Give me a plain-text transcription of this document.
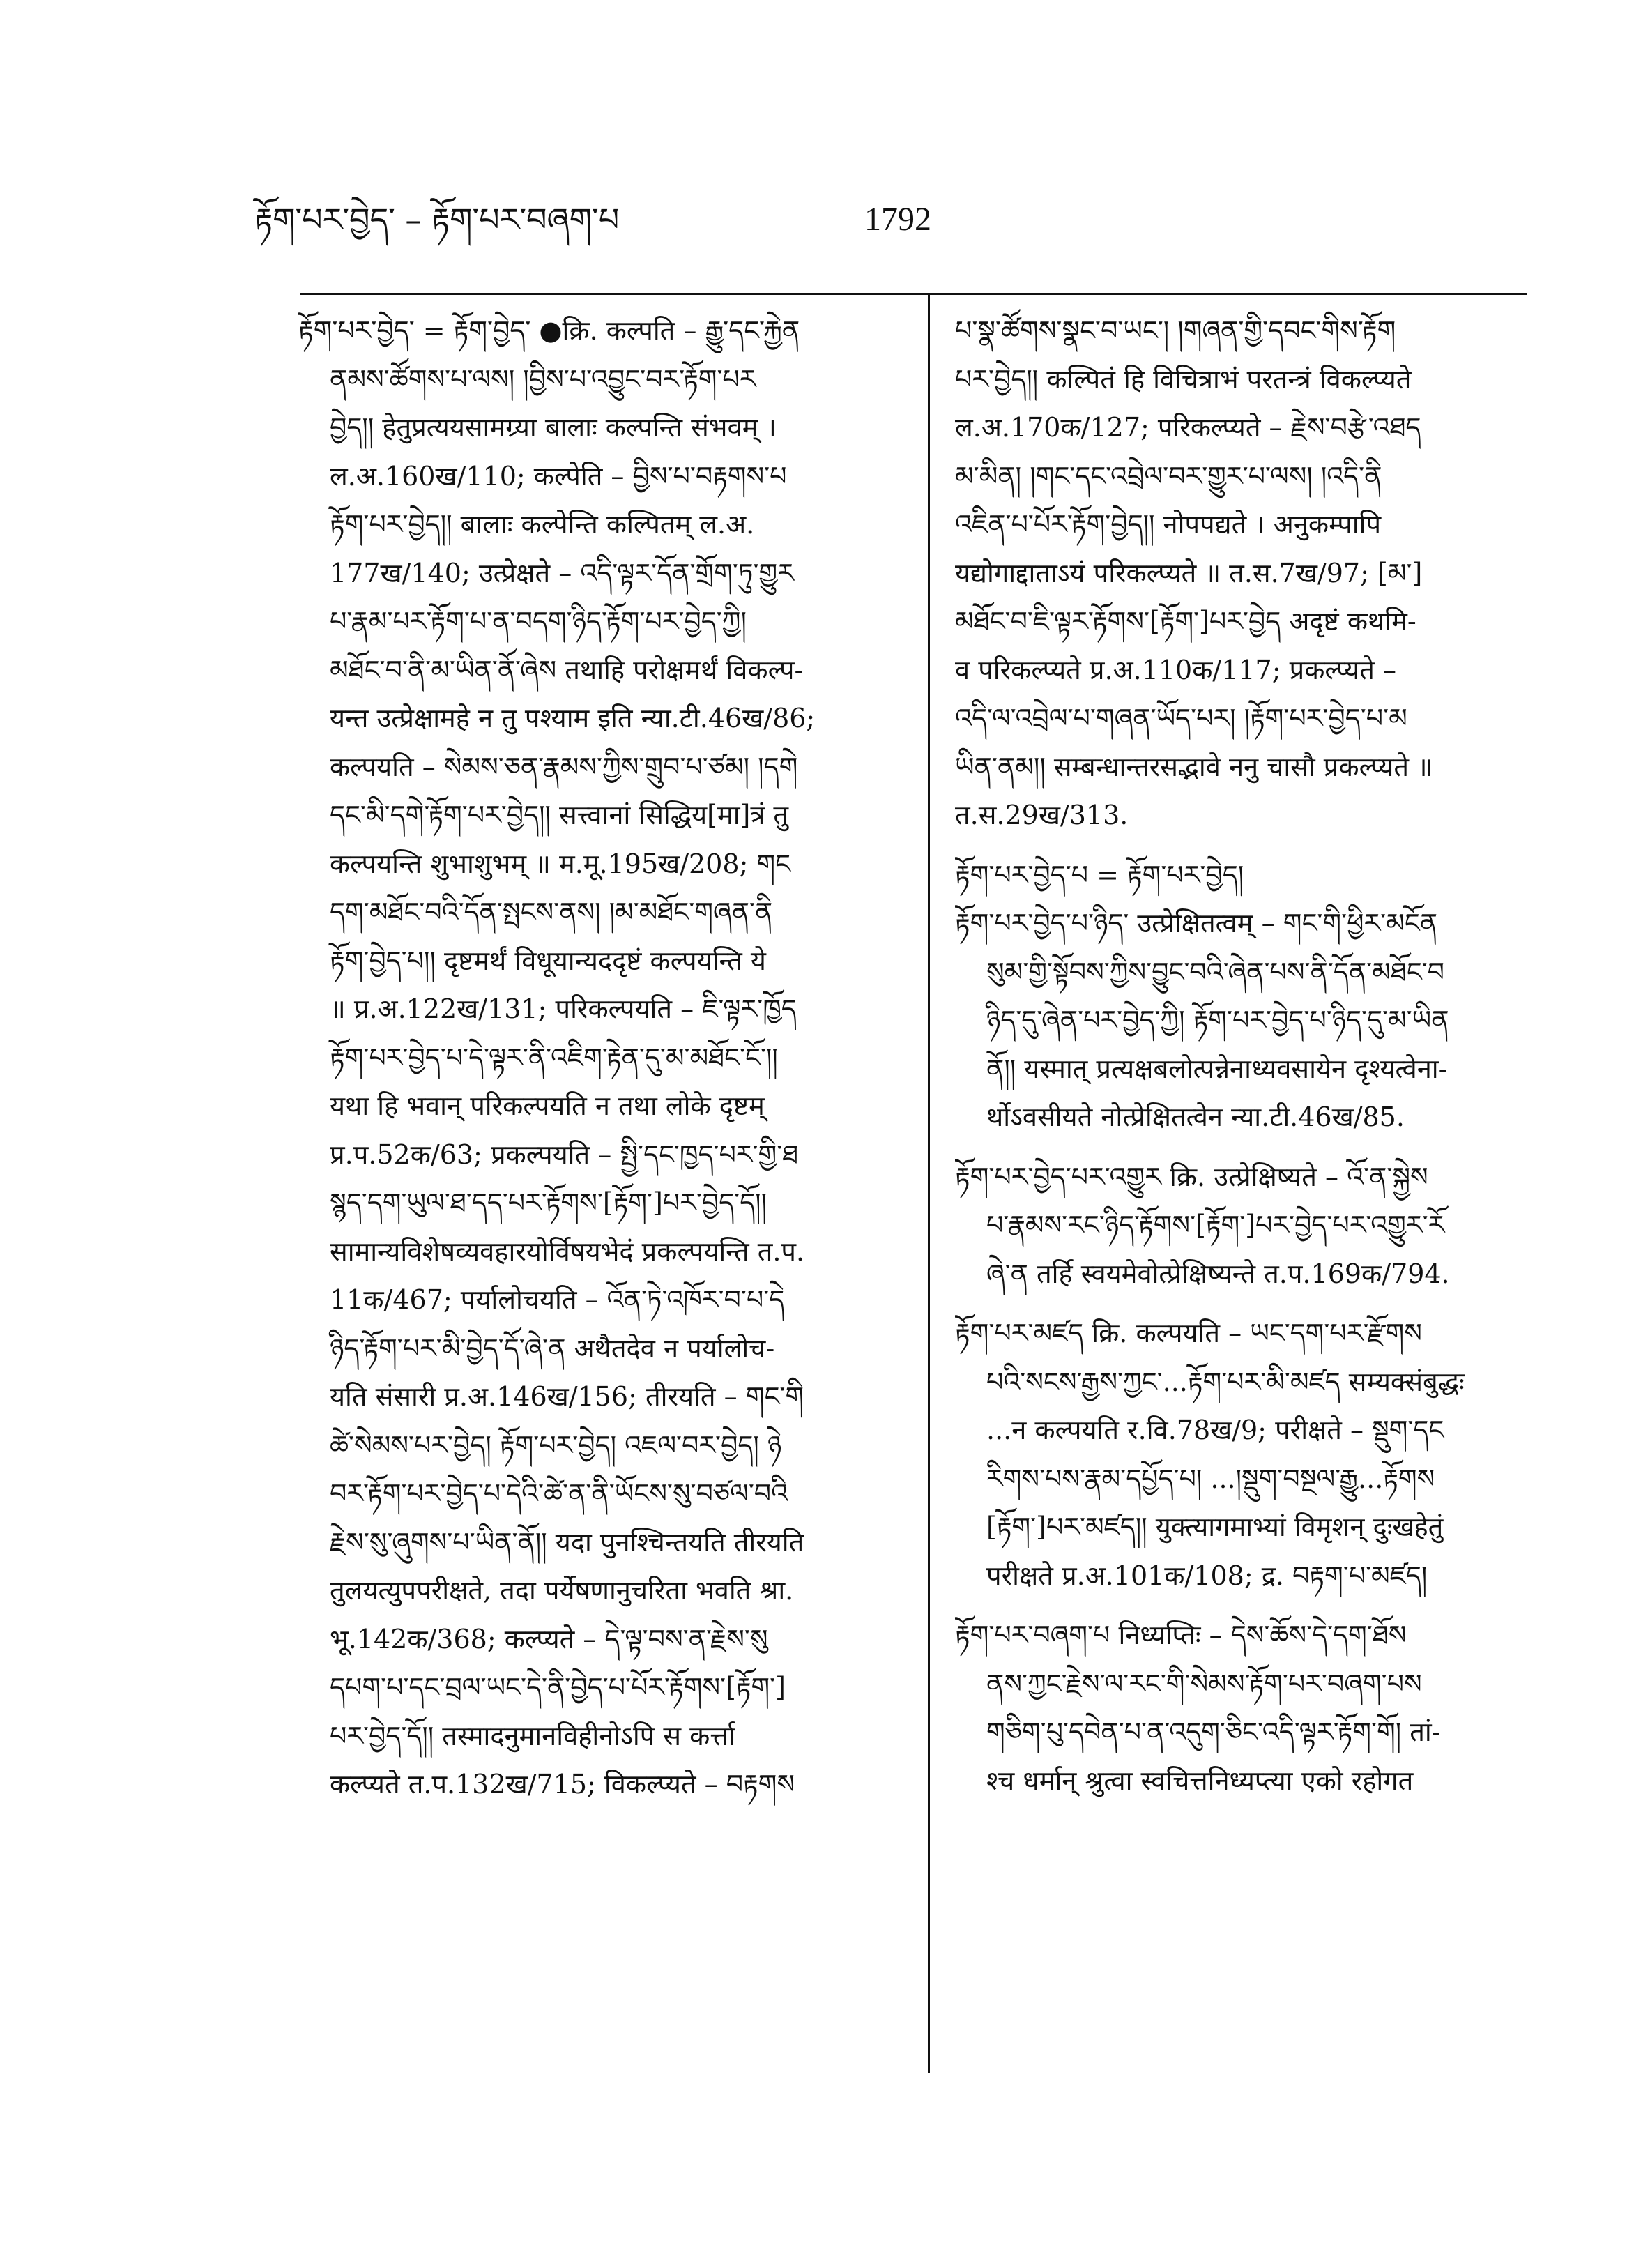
རྟོག་པར་བྱེད་ – རྟོག་པར་བཞག་པ	1792
རྟོག་པར་བྱེད་ = རྟོག་བྱེད་ ●क्रि. कल्पति – རྒྱུ་དང་རྐྱེན
ནམས་ཚོགས་པ་ལས། །བྱིས་པ་འབྱུང་བར་རྟོག་པར
བྱེད།། हेतुप्रत्ययसामग्र्या बालाः कल्पन्ति संभवम् ।
ल.अ.160ख/110; कल्पेति – བྱིས་པ་བརྟགས་པ
རྟོག་པར་བྱེད།། बालाः कल्पेन्ति कल्पितम् ल.अ.
177ख/140; उत्प्रेक्षते – འདི་ལྟར་དོན་གྲོག་ཏུ་གྱུར
པ་རྣམ་པར་རྟོག་པ་ན་བདག་ཉིད་རྟོག་པར་བྱེད་ཀྱི།
མཐོང་བ་ནི་མ་ཡིན་ནོ་ཞེས तथाहि परोक्षमर्थं विकल्प-
यन्त उत्प्रेक्षामहे न तु पश्याम इति न्या.टी.46ख/86;
कल्पयति – སེམས་ཅན་རྣམས་ཀྱིས་གྲུབ་པ་ཙམ། །དགེ
དང་མི་དགེ་རྟོག་པར་བྱེད།། सत्त्वानां सिद्धिय[मा]त्रं तु
कल्पयन्ति शुभाशुभम् ॥ म.मू.195ख/208; གང
དག་མཐོང་བའི་དོན་སྤངས་ནས། །མ་མཐོང་གཞན་ནི
རྟོག་བྱེད་པ།། दृष्टमर्थं विधूयान्यददृष्टं कल्पयन्ति ये
॥ प्र.अ.122ख/131; परिकल्पयति – ཇི་ལྟར་ཁྱོད
རྟོག་པར་བྱེད་པ་དེ་ལྟར་ནི་འཇིག་རྟེན་དུ་མ་མཐོང་ངོ་།།
यथा हि भवान् परिकल्पयति न तथा लोके दृष्टम्
प्र.प.52क/63; प्रकल्पयति – སྤྱི་དང་ཁྱད་པར་གྱི་ཐ
སྙད་དག་ཡུལ་ཐ་དད་པར་རྟོགས་[རྟོག་]པར་བྱེད་དོ།།
सामान्यविशेषव्यवहारयोर्विषयभेदं प्रकल्पयन्ति त.प.
11क/467; पर्यालोचयति – འོན་ཏེ་འཁོར་བ་པ་དེ
ཉིད་རྟོག་པར་མི་བྱེད་དོ་ཞེ་ན अथैतदेव न पर्यालोच-
यति संसारी प्र.अ.146ख/156; तीरयति – གང་གི
ཚེ་སེམས་པར་བྱེད། རྟོག་པར་བྱེད། འཇལ་བར་བྱེད། ཉེ
བར་རྟོག་པར་བྱེད་པ་དེའི་ཚེ་ན་ནི་ཡོངས་སུ་བཙལ་བའི
རྗེས་སུ་ཞུགས་པ་ཡིན་ནོ།། यदा पुनश्चिन्तयति तीरयति
तुलयत्युपपरीक्षते, तदा पर्येषणानुचरिता भवति श्रा.
भू.142क/368; कल्प्यते – དེ་ལྟ་བས་ན་རྗེས་སུ
དཔག་པ་དང་བྲལ་ཡང་དེ་ནི་བྱེད་པ་པོར་རྟོགས་[རྟོག་]
པར་བྱེད་དོ།། तस्मादनुमानविहीनोऽपि स कर्त्ता
कल्प्यते त.प.132ख/715; विकल्प्यते – བརྟགས
པ་སྣ་ཚོགས་སྣང་བ་ཡང་། །གཞན་གྱི་དབང་གིས་རྟོག
པར་བྱེད།། कल्पितं हि विचित्राभं परतन्त्रं विकल्प्यते
ल.अ.170क/127; परिकल्प्यते – རྗེས་བརྩེ་འཐད
མ་མིན། །གང་དང་འབྲེལ་བར་གྱུར་པ་ལས། །འདི་ནི
འཇིན་པ་པོར་རྟོག་བྱེད།། नोपपद्यते । अनुकम्पापि
यद्योगाद्दाताऽयं परिकल्प्यते ॥ त.स.7ख/97; [མ་]
མཐོང་བ་ཇི་ལྟར་རྟོགས་[རྟོག་]པར་བྱེད अदृष्टं कथमि-
व परिकल्प्यते प्र.अ.110क/117; प्रकल्प्यते –
འདི་ལ་འབྲེལ་པ་གཞན་ཡོད་པར། །རྟོག་པར་བྱེད་པ་མ
ཡིན་ནམ།། सम्बन्धान्तरसद्भावे ननु चासौ प्रकल्प्यते ॥
त.स.29ख/313.
རྟོག་པར་བྱེད་པ = རྟོག་པར་བྱེད།
རྟོག་པར་བྱེད་པ་ཉིད་ उत्प्रेक्षितत्वम् – གང་གི་ཕྱིར་མངོན
སུམ་གྱི་སྟོབས་ཀྱིས་བྱུང་བའི་ཞེན་པས་ནི་དོན་མཐོང་བ
ཉིད་དུ་ཞེན་པར་བྱེད་ཀྱི། རྟོག་པར་བྱེད་པ་ཉིད་དུ་མ་ཡིན
ནོ།། यस्मात् प्रत्यक्षबलोत्पन्नेनाध्यवसायेन दृश्यत्वेना-
र्थोऽवसीयते नोत्प्रेक्षितत्वेन न्या.टी.46ख/85.
རྟོག་པར་བྱེད་པར་འགྱུར क्रि. उत्प्रेक्षिष्यते – འོ་ན་སྐྱེས
པ་རྣམས་རང་ཉིད་རྟོགས་[རྟོག་]པར་བྱེད་པར་འགྱུར་རོ
ཞེ་ན तर्हि स्वयमेवोत्प्रेक्षिष्यन्ते त.प.169क/794.
རྟོག་པར་མཛད क्रि. कल्पयति – ཡང་དག་པར་རྫོགས
པའི་སངས་རྒྱས་ཀྱང་...རྟོག་པར་མི་མཛད सम्यक्संबुद्धः
...न कल्पयति र.वि.78ख/9; परीक्षते – སྡུག་དང
རིགས་པས་རྣམ་དཔྱོད་པ། ...།སྡུག་བསྔལ་རྒྱུ...རྟོགས
[རྟོག་]པར་མཛད།། युक्त्यागमाभ्यां विमृशन् दुःखहेतुं
परीक्षते प्र.अ.101क/108; द्र. བརྟག་པ་མཛད།
རྟོག་པར་བཞག་པ निध्यप्तिः – དེས་ཆོས་དེ་དག་ཐོས
ནས་ཀྱང་རྗེས་ལ་རང་གི་སེམས་རྟོག་པར་བཞག་པས
གཅིག་པུ་དབེན་པ་ན་འདུག་ཅིང་འདི་ལྟར་རྟོག་གོ། तां-
श्च धर्मान् श्रुत्वा स्वचित्तनिध्यप्त्या एको रहोगत
